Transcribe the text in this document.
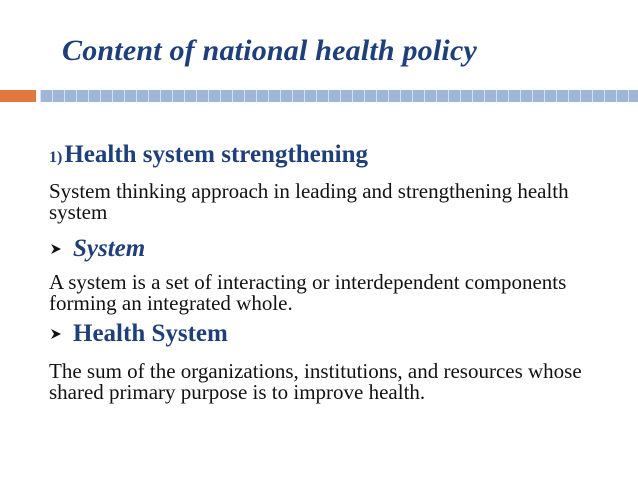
Content of national health policy
1)Health system strengthening
System thinking approach in leading and strengthening health system
System
A system is a set of interacting or interdependent components forming an integrated whole.
Health System
The sum of the organizations, institutions, and resources whose shared primary purpose is to improve health.
